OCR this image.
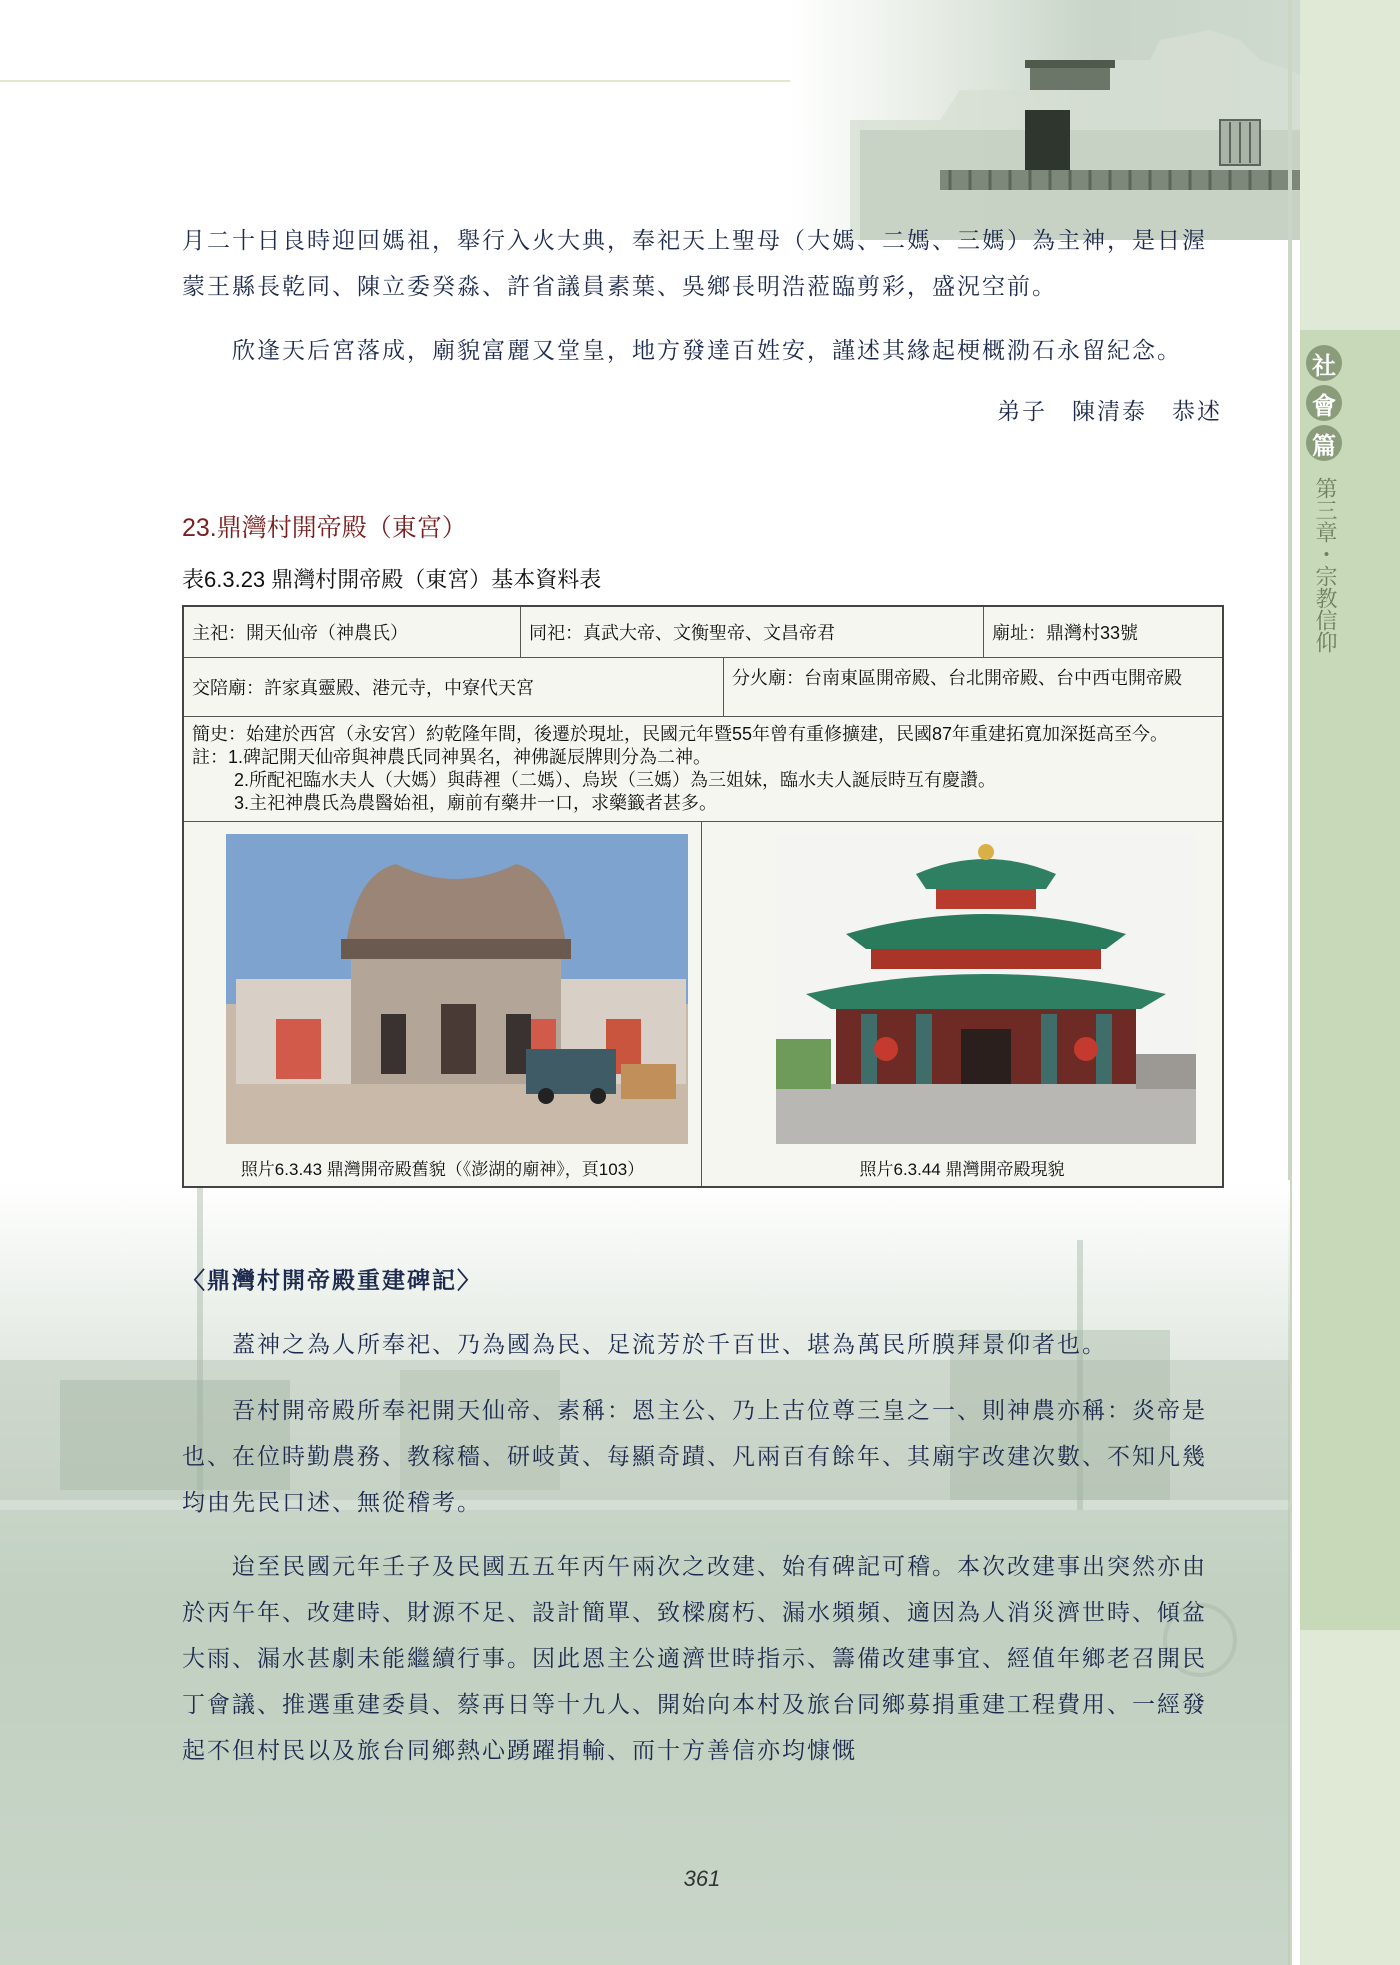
社
會
篇
第三章・宗教信仰

月二十日良時迎回媽祖，舉行入火大典，奉祀天上聖母（大媽、二媽、三媽）為主神，是日渥蒙王縣長乾同、陳立委癸淼、許省議員素葉、吳鄉長明浩蒞臨剪彩，盛況空前。

欣逢天后宮落成，廟貌富麗又堂皇，地方發達百姓安，謹述其緣起梗概泐石永留紀念。

弟子　陳清泰　恭述
23.鼎灣村開帝殿（東宮）
表6.3.23 鼎灣村開帝殿（東宮）基本資料表
主祀：開天仙帝（神農氏）	同祀：真武大帝、文衡聖帝、文昌帝君	廟址：鼎灣村33號
交陪廟：許家真靈殿、港元寺，中寮代天宮	分火廟：台南東區開帝殿、台北開帝殿、台中西屯開帝殿
簡史：始建於西宮（永安宮）約乾隆年間，後遷於現址，民國元年暨55年曾有重修擴建，民國87年重建拓寬加深挺高至今。
註：1.碑記開天仙帝與神農氏同神異名，神佛誕辰牌則分為二神。
2.所配祀臨水夫人（大媽）與蒔裡（二媽）、烏崁（三媽）為三姐妹，臨水夫人誕辰時互有慶讚。
3.主祀神農氏為農醫始祖，廟前有藥井一口，求藥籤者甚多。
照片6.3.43 鼎灣開帝殿舊貌（《澎湖的廟神》，頁103）	照片6.3.44 鼎灣開帝殿現貌
〈鼎灣村開帝殿重建碑記〉

蓋神之為人所奉祀、乃為國為民、足流芳於千百世、堪為萬民所膜拜景仰者也。

吾村開帝殿所奉祀開天仙帝、素稱：恩主公、乃上古位尊三皇之一、則神農亦稱：炎帝是也、在位時勤農務、教稼穡、研岐黃、每顯奇蹟、凡兩百有餘年、其廟宇改建次數、不知凡幾均由先民口述、無從稽考。

迨至民國元年壬子及民國五五年丙午兩次之改建、始有碑記可稽。本次改建事出突然亦由於丙午年、改建時、財源不足、設計簡單、致樑腐朽、漏水頻頻、適因為人消災濟世時、傾盆大雨、漏水甚劇未能繼續行事。因此恩主公適濟世時指示、籌備改建事宜、經值年鄉老召開民丁會議、推選重建委員、蔡再日等十九人、開始向本村及旅台同鄉募捐重建工程費用、一經發起不但村民以及旅台同鄉熱心踴躍捐輸、而十方善信亦均慷慨

361
